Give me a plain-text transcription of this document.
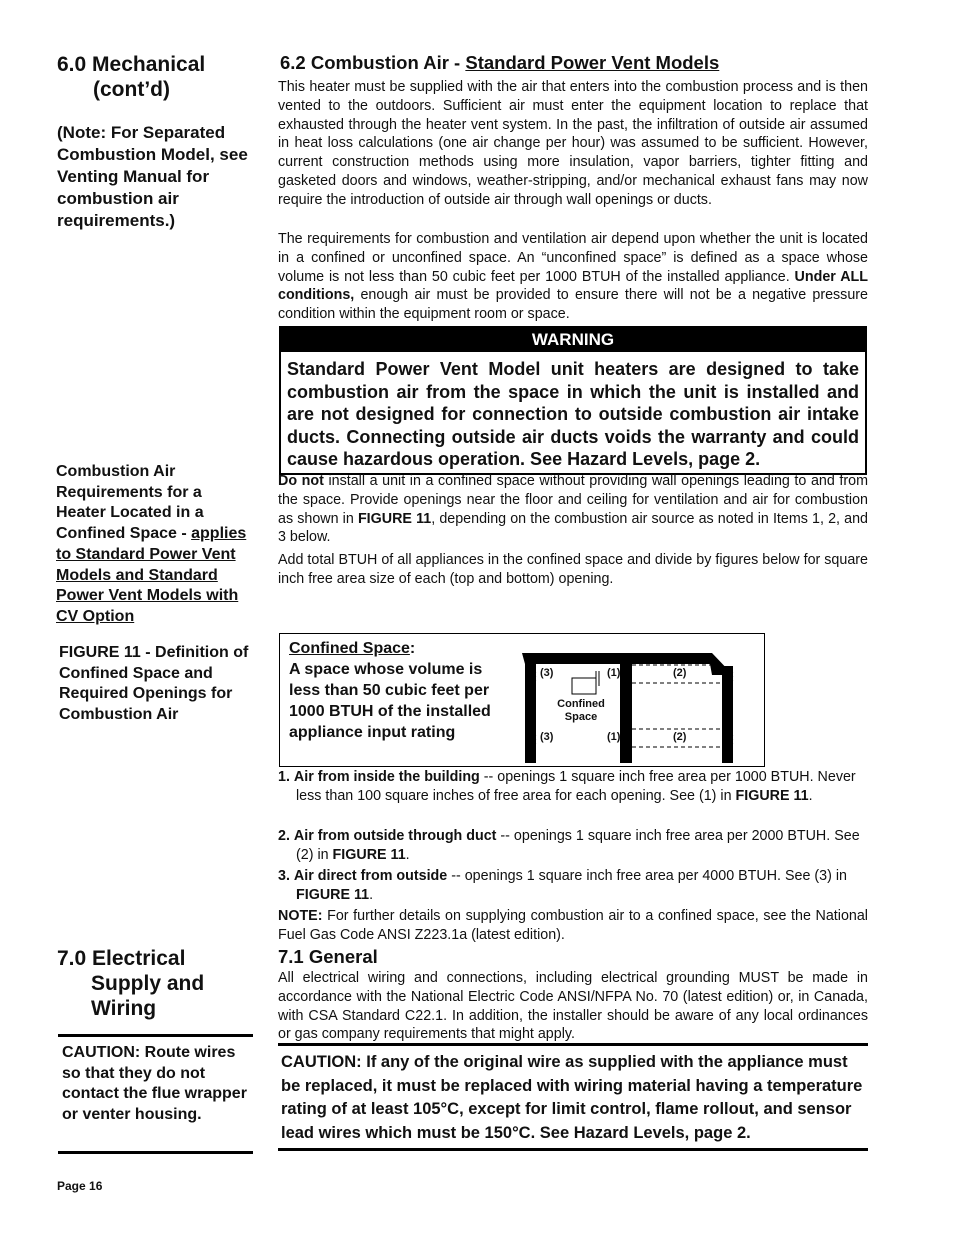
6.0 Mechanical
(cont’d)
(Note: For Separated Combustion Model, see Venting Manual for combustion air requirements.)
Combustion Air Requirements for a Heater Located in a Confined Space - applies to Standard Power Vent Models and Standard Power Vent Models with CV Option
FIGURE 11 - Definition of Confined Space and Required Openings for Combustion Air
7.0 Electrical
Supply and
Wiring
CAUTION: Route wires so that they do not contact the flue wrapper or venter housing.
Page 16
6.2 Combustion Air - Standard Power Vent Models
This heater must be supplied with the air that enters into the combustion process and is then vented to the outdoors. Sufficient air must enter the equipment location to replace that exhausted through the heater vent system. In the past, the infiltration of outside air assumed in heat loss calculations (one air change per hour) was assumed to be sufficient. However, current construction methods using more insulation, vapor barriers, tighter fitting and gasketed doors and windows, weather-stripping, and/or mechanical exhaust fans may now require the introduction of outside air through wall openings or ducts.
The requirements for combustion and ventilation air depend upon whether the unit is located in a confined or unconfined space. An “unconfined space” is defined as a space whose volume is not less than 50 cubic feet per 1000 BTUH of the installed appliance. Under ALL conditions, enough air must be provided to ensure there will not be a negative pressure condition within the equipment room or space.
WARNING
Standard Power Vent Model unit heaters are designed to take combustion air from the space in which the unit is installed and are not designed for connection to outside combustion air intake ducts. Connecting outside air ducts voids the warranty and could cause hazardous operation. See Hazard Levels, page 2.
Do not install a unit in a confined space without providing wall openings leading to and from the space. Provide openings near the floor and ceiling for ventilation and air for combustion as shown in FIGURE 11, depending on the combustion air source as noted in Items 1, 2, and 3 below.
Add total BTUH of all appliances in the confined space and divide by figures below for square inch free area size of each (top and bottom) opening.
Confined Space:
A space whose volume is less than 50 cubic feet per 1000 BTUH of the installed appliance input rating
(3)	(1)	(2)
(3)	(1)	(2)
Confined
Space
1. Air from inside the building -- openings 1 square inch free area per 1000 BTUH. Never less than 100 square inches of free area for each opening. See (1) in FIGURE 11.
2. Air from outside through duct -- openings 1 square inch free area per 2000 BTUH. See (2) in FIGURE 11.
3. Air direct from outside -- openings 1 square inch free area per 4000 BTUH. See (3) in FIGURE 11.
NOTE: For further details on supplying combustion air to a confined space, see the National Fuel Gas Code ANSI Z223.1a (latest edition).
7.1 General
All electrical wiring and connections, including electrical grounding MUST be made in accordance with the National Electric Code ANSI/NFPA No. 70 (latest edition) or, in Canada, with CSA Standard C22.1. In addition, the installer should be aware of any local ordinances or gas company requirements that might apply.
CAUTION: If any of the original wire as supplied with the appliance must be replaced, it must be replaced with wiring material having a temperature rating of at least 105°C, except for limit control, flame rollout, and sensor lead wires which must be 150°C. See Hazard Levels, page 2.
